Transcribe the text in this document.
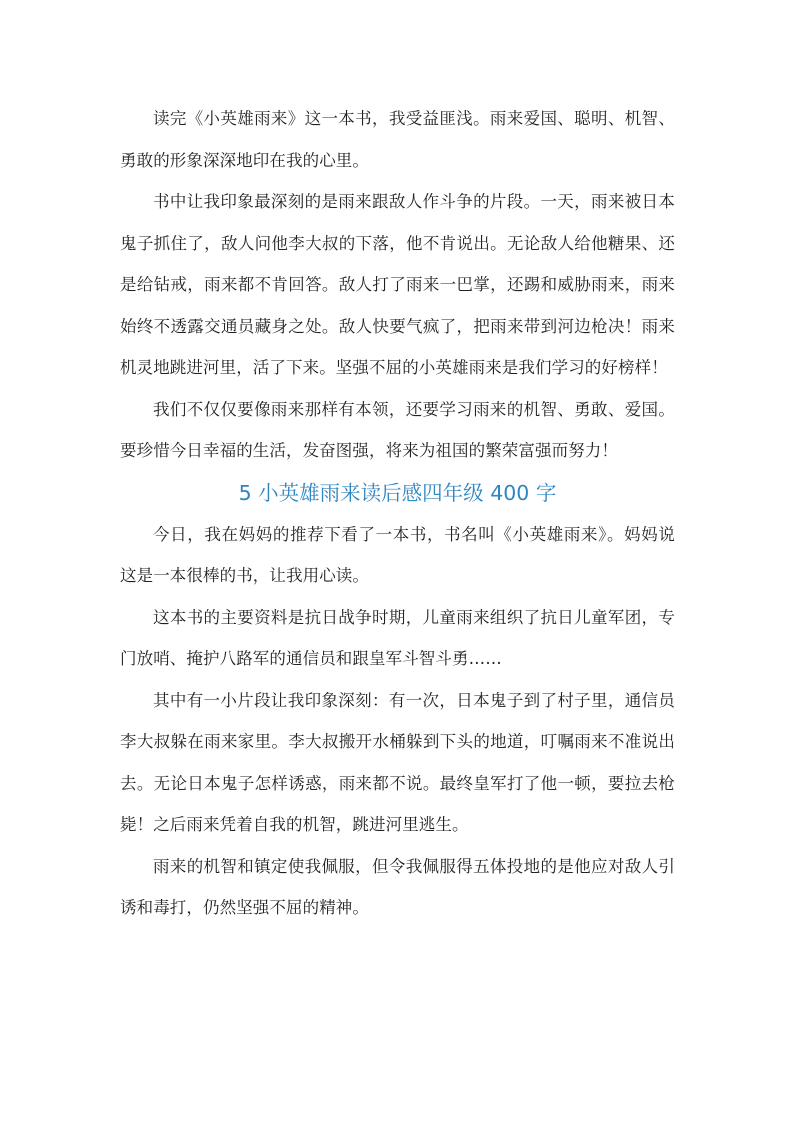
读完《小英雄雨来》这一本书，我受益匪浅。雨来爱国、聪明、机智、勇敢的形象深深地印在我的心里。

书中让我印象最深刻的是雨来跟敌人作斗争的片段。一天，雨来被日本鬼子抓住了，敌人问他李大叔的下落，他不肯说出。无论敌人给他糖果、还是给钻戒，雨来都不肯回答。敌人打了雨来一巴掌，还踢和威胁雨来，雨来始终不透露交通员藏身之处。敌人快要气疯了，把雨来带到河边枪决！雨来机灵地跳进河里，活了下来。坚强不屈的小英雄雨来是我们学习的好榜样！

我们不仅仅要像雨来那样有本领，还要学习雨来的机智、勇敢、爱国。要珍惜今日幸福的生活，发奋图强，将来为祖国的繁荣富强而努力！

5 小英雄雨来读后感四年级 400 字

今日，我在妈妈的推荐下看了一本书，书名叫《小英雄雨来》。妈妈说这是一本很棒的书，让我用心读。

这本书的主要资料是抗日战争时期，儿童雨来组织了抗日儿童军团，专门放哨、掩护八路军的通信员和跟皇军斗智斗勇……

其中有一小片段让我印象深刻：有一次，日本鬼子到了村子里，通信员李大叔躲在雨来家里。李大叔搬开水桶躲到下头的地道，叮嘱雨来不准说出去。无论日本鬼子怎样诱惑，雨来都不说。最终皇军打了他一顿，要拉去枪毙！之后雨来凭着自我的机智，跳进河里逃生。

雨来的机智和镇定使我佩服，但令我佩服得五体投地的是他应对敌人引诱和毒打，仍然坚强不屈的精神。
